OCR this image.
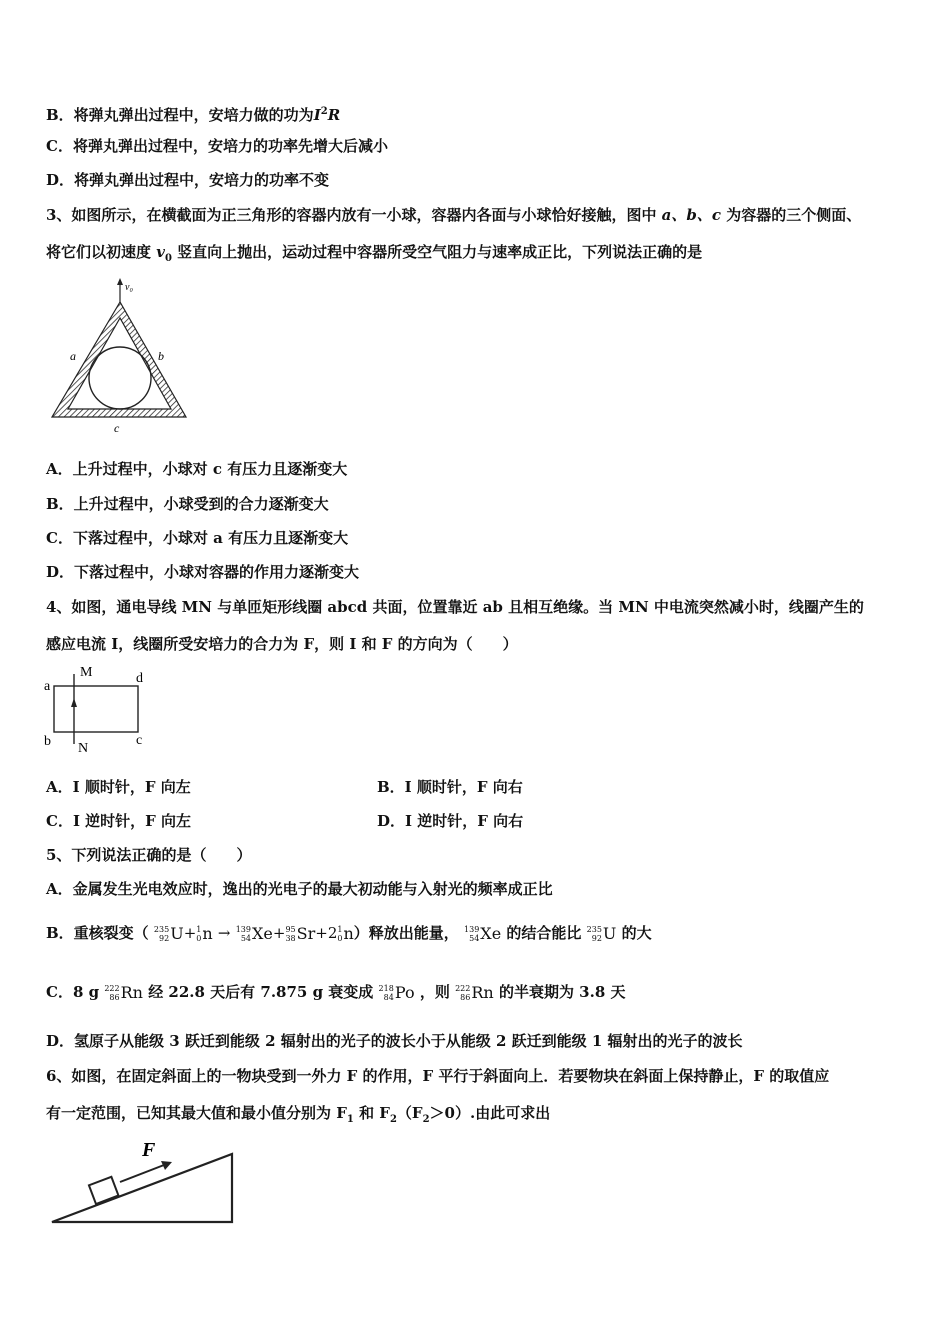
B．将弹丸弹出过程中，安培力做的功为$I^2R$
C．将弹丸弹出过程中，安培力的功率先增大后减小
D．将弹丸弹出过程中，安培力的功率不变
3、如图所示，在横截面为正三角形的容器内放有一小球，容器内各面与小球恰好接触，图中 a、b、c 为容器的三个侧面、
将它们以初速度 $v_0$ 竖直向上抛出，运动过程中容器所受空气阻力与速率成正比，下列说法正确的是
v₀
a	b
c
A．上升过程中，小球对 c 有压力且逐渐变大
B．上升过程中，小球受到的合力逐渐变大
C．下落过程中，小球对 a 有压力且逐渐变大
D．下落过程中，小球对容器的作用力逐渐变大
4、如图，通电导线 MN 与单匝矩形线圈 abcd 共面，位置靠近 ab 且相互绝缘。当 MN 中电流突然减小时，线圈产生的
感应电流 I，线圈所受安培力的合力为 F，则 I 和 F 的方向为（　　）
M
N
a
b	c
d
A．I 顺时针，F 向左	B．I 顺时针，F 向右
C．I 逆时针，F 向左	D．I 逆时针，F 向右
5、下列说法正确的是（　　）
A．金属发生光电效应时，逸出的光电子的最大初动能与入射光的频率成正比
B．重核裂变（ 235
92 U+ 1
0 n → 139
54 Xe+ 95
38 Sr+2 1
0 n）释放出能量， 139
54 Xe 的结合能比 235
92 U 的大
C．8 g 222
86 Rn 经 22.8 天后有 7.875 g 衰变成 218
84 Po ，则 222
86 Rn 的半衰期为 3.8 天
D．氢原子从能级 3 跃迁到能级 2 辐射出的光子的波长小于从能级 2 跃迁到能级 1 辐射出的光子的波长
6、如图，在固定斜面上的一物块受到一外力 F 的作用，F 平行于斜面向上．若要物块在斜面上保持静止，F 的取值应
有一定范围，已知其最大值和最小值分别为 $F_1$ 和 $F_2(F_2>0)$.由此可求出
F
